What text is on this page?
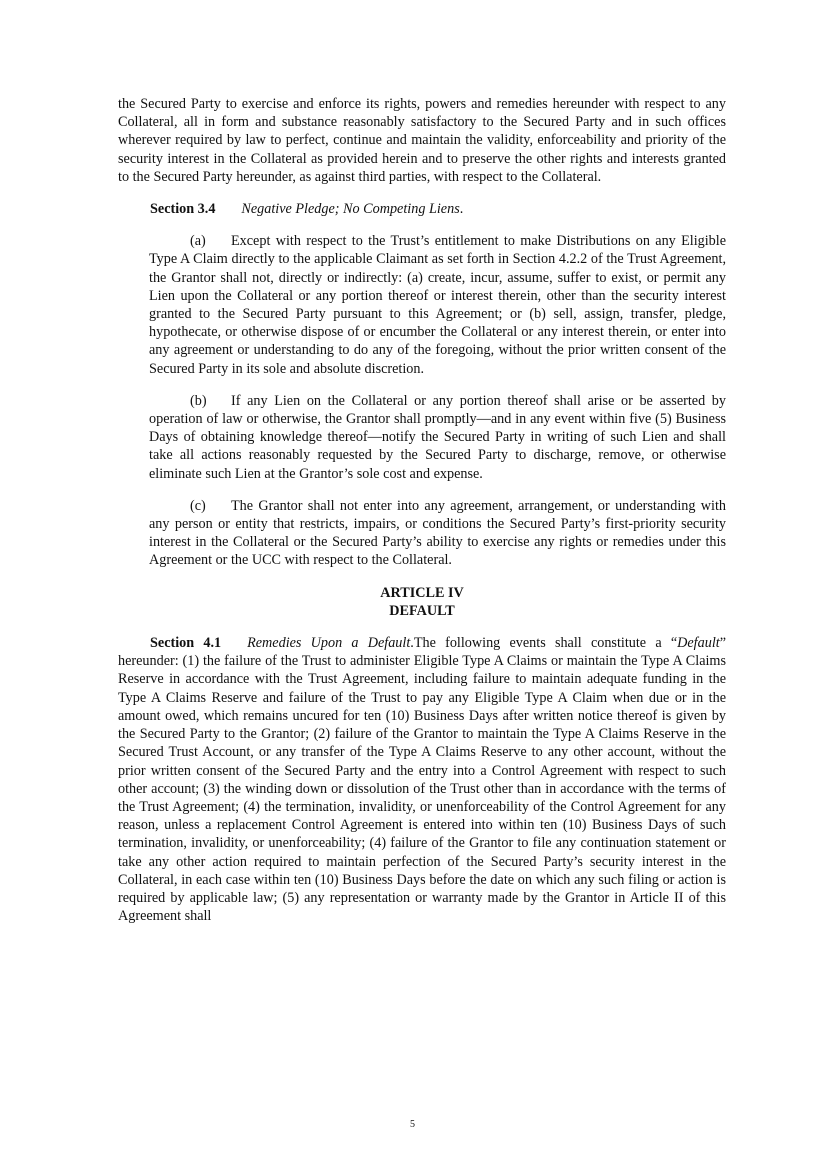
the Secured Party to exercise and enforce its rights, powers and remedies hereunder with respect to any Collateral, all in form and substance reasonably satisfactory to the Secured Party and in such offices wherever required by law to perfect, continue and maintain the validity, enforceability and priority of the security interest in the Collateral as provided herein and to preserve the other rights and interests granted to the Secured Party hereunder, as against third parties, with respect to the Collateral.

Section 3.4 Negative Pledge; No Competing Liens.

(a) Except with respect to the Trust’s entitlement to make Distributions on any Eligible Type A Claim directly to the applicable Claimant as set forth in Section 4.2.2 of the Trust Agreement, the Grantor shall not, directly or indirectly: (a) create, incur, assume, suffer to exist, or permit any Lien upon the Collateral or any portion thereof or interest therein, other than the security interest granted to the Secured Party pursuant to this Agreement; or (b) sell, assign, transfer, pledge, hypothecate, or otherwise dispose of or encumber the Collateral or any interest therein, or enter into any agreement or understanding to do any of the foregoing, without the prior written consent of the Secured Party in its sole and absolute discretion.

(b) If any Lien on the Collateral or any portion thereof shall arise or be asserted by operation of law or otherwise, the Grantor shall promptly—and in any event within five (5) Business Days of obtaining knowledge thereof—notify the Secured Party in writing of such Lien and shall take all actions reasonably requested by the Secured Party to discharge, remove, or otherwise eliminate such Lien at the Grantor’s sole cost and expense.

(c) The Grantor shall not enter into any agreement, arrangement, or understanding with any person or entity that restricts, impairs, or conditions the Secured Party’s first-priority security interest in the Collateral or the Secured Party’s ability to exercise any rights or remedies under this Agreement or the UCC with respect to the Collateral.

ARTICLE IV
DEFAULT

Section 4.1 Remedies Upon a Default.The following events shall constitute a “Default” hereunder: (1) the failure of the Trust to administer Eligible Type A Claims or maintain the Type A Claims Reserve in accordance with the Trust Agreement, including failure to maintain adequate funding in the Type A Claims Reserve and failure of the Trust to pay any Eligible Type A Claim when due or in the amount owed, which remains uncured for ten (10) Business Days after written notice thereof is given by the Secured Party to the Grantor; (2) failure of the Grantor to maintain the Type A Claims Reserve in the Secured Trust Account, or any transfer of the Type A Claims Reserve to any other account, without the prior written consent of the Secured Party and the entry into a Control Agreement with respect to such other account; (3) the winding down or dissolution of the Trust other than in accordance with the terms of the Trust Agreement; (4) the termination, invalidity, or unenforceability of the Control Agreement for any reason, unless a replacement Control Agreement is entered into within ten (10) Business Days of such termination, invalidity, or unenforceability; (4) failure of the Grantor to file any continuation statement or take any other action required to maintain perfection of the Secured Party’s security interest in the Collateral, in each case within ten (10) Business Days before the date on which any such filing or action is required by applicable law; (5) any representation or warranty made by the Grantor in Article II of this Agreement shall

5
